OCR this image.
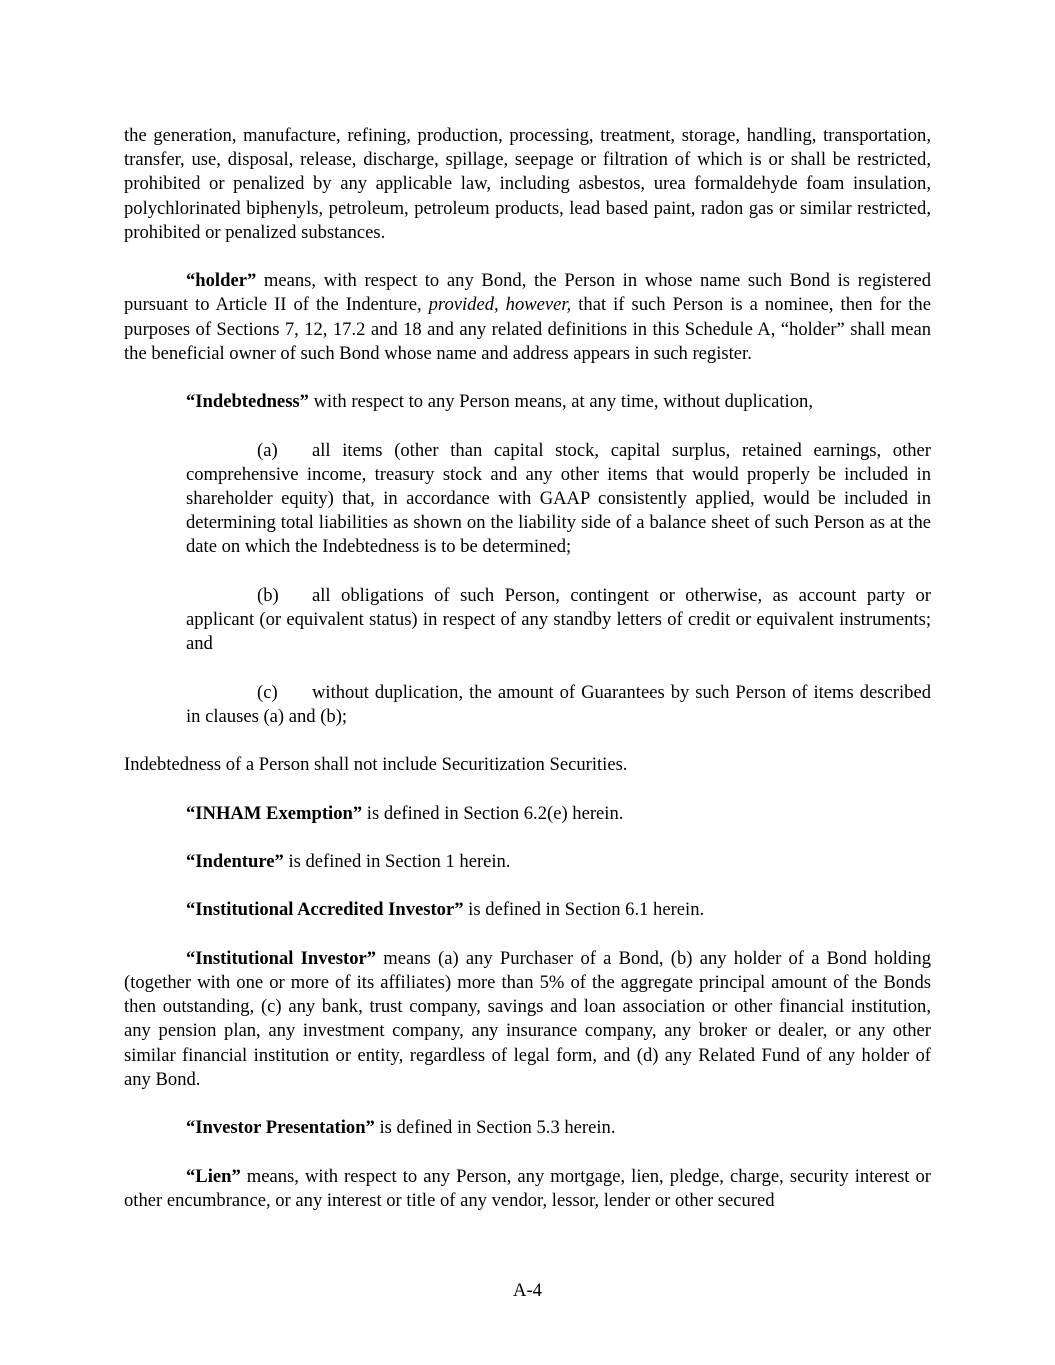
the generation, manufacture, refining, production, processing, treatment, storage, handling, transportation, transfer, use, disposal, release, discharge, spillage, seepage or filtration of which is or shall be restricted, prohibited or penalized by any applicable law, including asbestos, urea formaldehyde foam insulation, polychlorinated biphenyls, petroleum, petroleum products, lead based paint, radon gas or similar restricted, prohibited or penalized substances.

“holder” means, with respect to any Bond, the Person in whose name such Bond is registered pursuant to Article II of the Indenture, provided, however, that if such Person is a nominee, then for the purposes of Sections 7, 12, 17.2 and 18 and any related definitions in this Schedule A, “holder” shall mean the beneficial owner of such Bond whose name and address appears in such register.

“Indebtedness” with respect to any Person means, at any time, without duplication,

(a) all items (other than capital stock, capital surplus, retained earnings, other comprehensive income, treasury stock and any other items that would properly be included in shareholder equity) that, in accordance with GAAP consistently applied, would be included in determining total liabilities as shown on the liability side of a balance sheet of such Person as at the date on which the Indebtedness is to be determined;

(b) all obligations of such Person, contingent or otherwise, as account party or applicant (or equivalent status) in respect of any standby letters of credit or equivalent instruments; and

(c) without duplication, the amount of Guarantees by such Person of items described in clauses (a) and (b);

Indebtedness of a Person shall not include Securitization Securities.

“INHAM Exemption” is defined in Section 6.2(e) herein.

“Indenture” is defined in Section 1 herein.

“Institutional Accredited Investor” is defined in Section 6.1 herein.

“Institutional Investor” means (a) any Purchaser of a Bond, (b) any holder of a Bond holding (together with one or more of its affiliates) more than 5% of the aggregate principal amount of the Bonds then outstanding, (c) any bank, trust company, savings and loan association or other financial institution, any pension plan, any investment company, any insurance company, any broker or dealer, or any other similar financial institution or entity, regardless of legal form, and (d) any Related Fund of any holder of any Bond.

“Investor Presentation” is defined in Section 5.3 herein.

“Lien” means, with respect to any Person, any mortgage, lien, pledge, charge, security interest or other encumbrance, or any interest or title of any vendor, lessor, lender or other secured

A-4
